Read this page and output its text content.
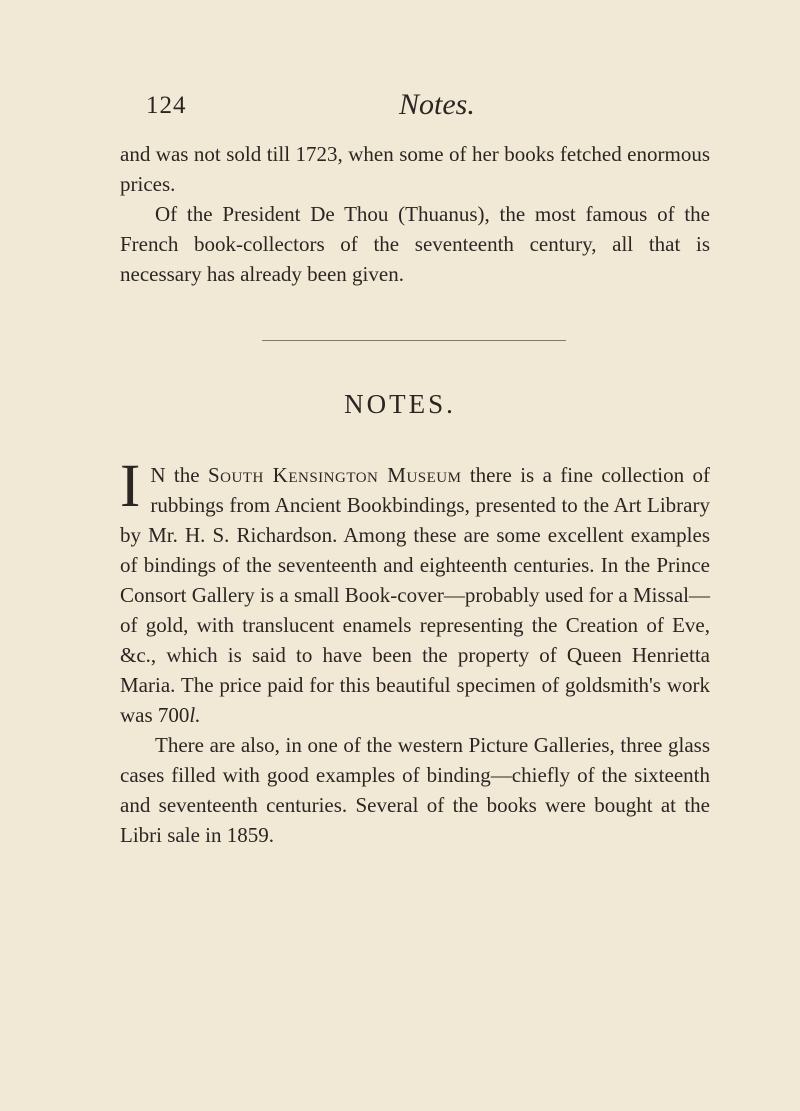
124	Notes.

and was not sold till 1723, when some of her books fetched enormous prices.

Of the President De Thou (Thuanus), the most famous of the French book-collectors of the seventeenth century, all that is necessary has already been given.

NOTES.

I N the South Kensington Museum there is a fine collection of rubbings from Ancient Bookbindings, presented to the Art Library by Mr. H. S. Richardson. Among these are some excellent examples of bindings of the seventeenth and eighteenth centuries. In the Prince Consort Gallery is a small Book-cover—probably used for a Missal—of gold, with translucent enamels representing the Creation of Eve, &c., which is said to have been the property of Queen Henrietta Maria. The price paid for this beautiful specimen of goldsmith's work was 700l.

There are also, in one of the western Picture Galleries, three glass cases filled with good examples of binding—chiefly of the sixteenth and seventeenth centuries. Several of the books were bought at the Libri sale in 1859.
